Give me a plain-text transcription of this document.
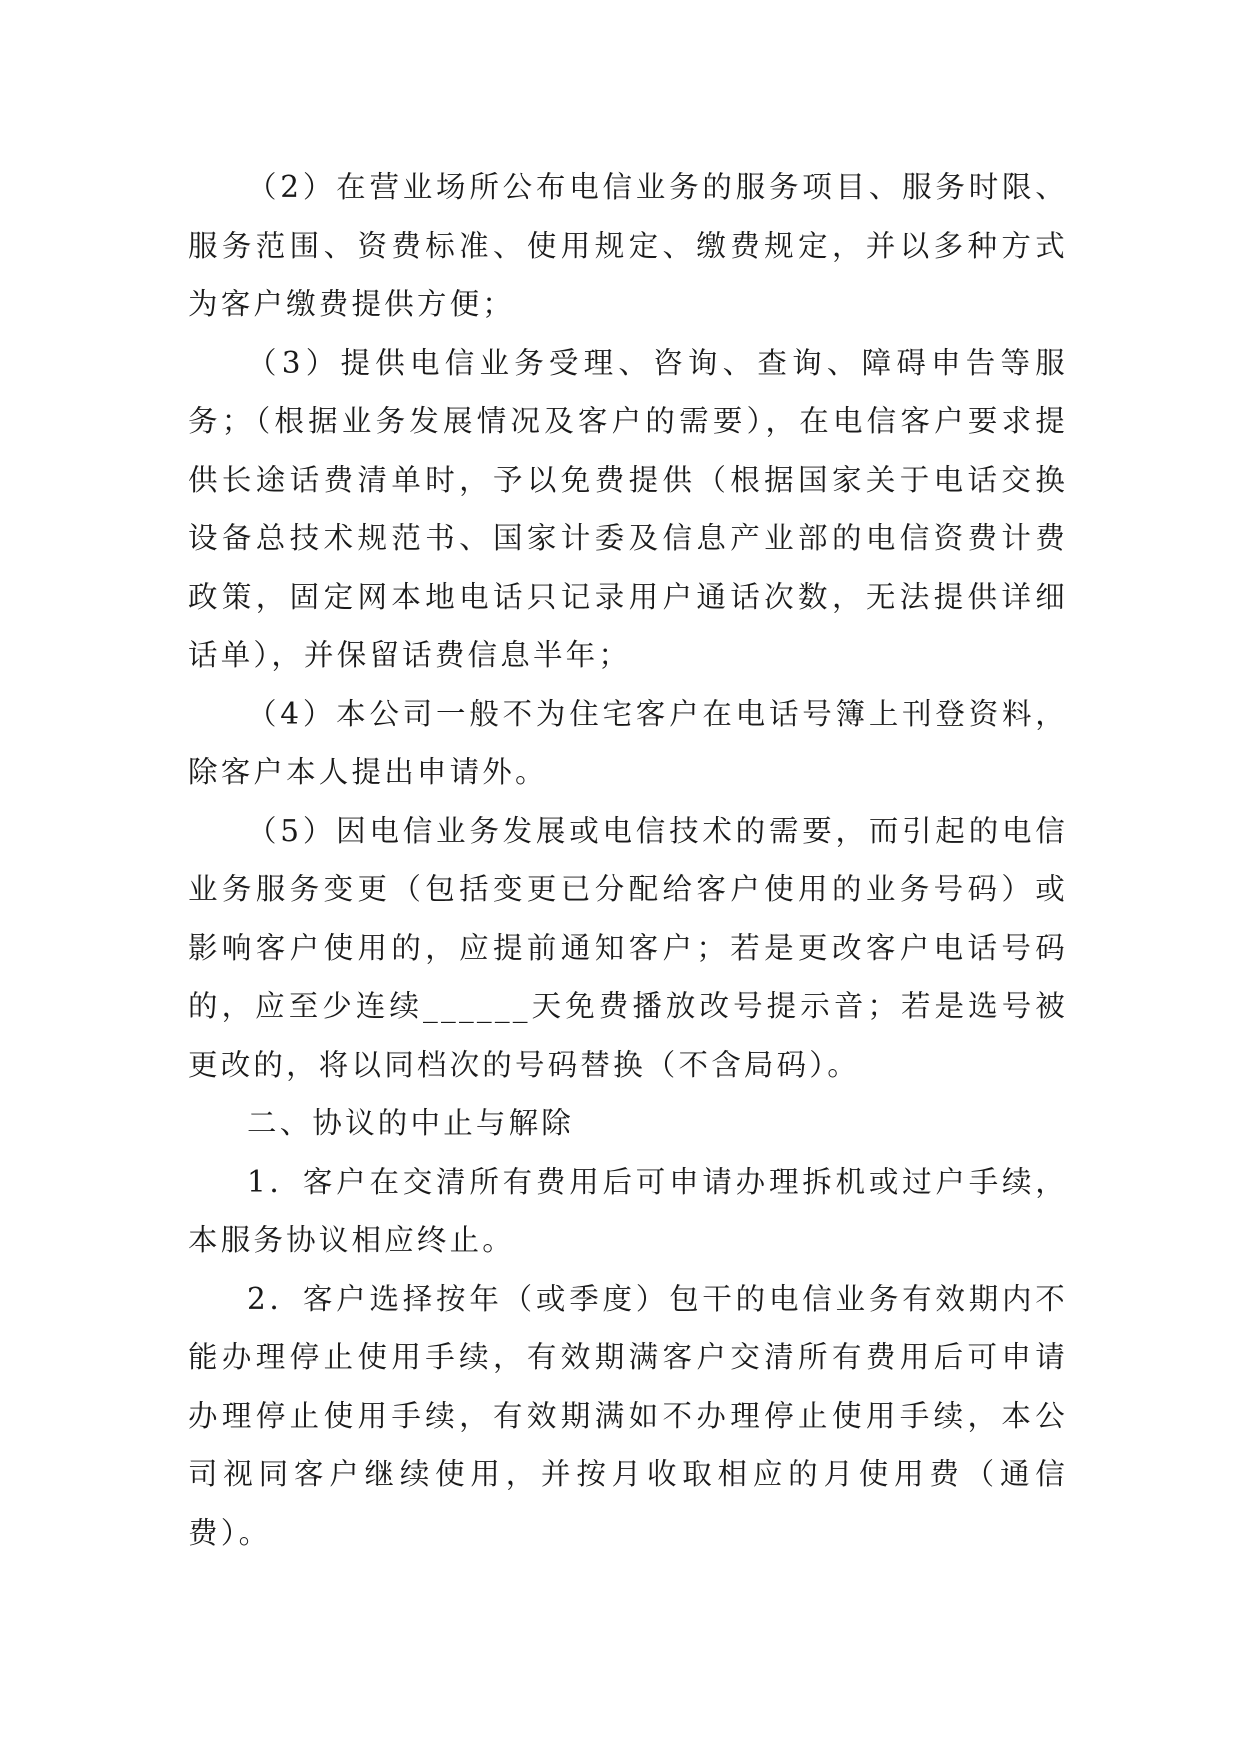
（2）在营业场所公布电信业务的服务项目、服务时限、服务范围、资费标准、使用规定、缴费规定，并以多种方式为客户缴费提供方便；

（3）提供电信业务受理、咨询、查询、障碍申告等服务；（根据业务发展情况及客户的需要），在电信客户要求提供长途话费清单时，予以免费提供（根据国家关于电话交换设备总技术规范书、国家计委及信息产业部的电信资费计费政策，固定网本地电话只记录用户通话次数，无法提供详细话单），并保留话费信息半年；

（4）本公司一般不为住宅客户在电话号簿上刊登资料，除客户本人提出申请外。

（5）因电信业务发展或电信技术的需要，而引起的电信业务服务变更（包括变更已分配给客户使用的业务号码）或影响客户使用的，应提前通知客户；若是更改客户电话号码的，应至少连续______天免费播放改号提示音；若是选号被更改的，将以同档次的号码替换（不含局码）。

二、协议的中止与解除

1．客户在交清所有费用后可申请办理拆机或过户手续，本服务协议相应终止。

2．客户选择按年（或季度）包干的电信业务有效期内不能办理停止使用手续，有效期满客户交清所有费用后可申请办理停止使用手续，有效期满如不办理停止使用手续，本公司视同客户继续使用，并按月收取相应的月使用费（通信费）。
